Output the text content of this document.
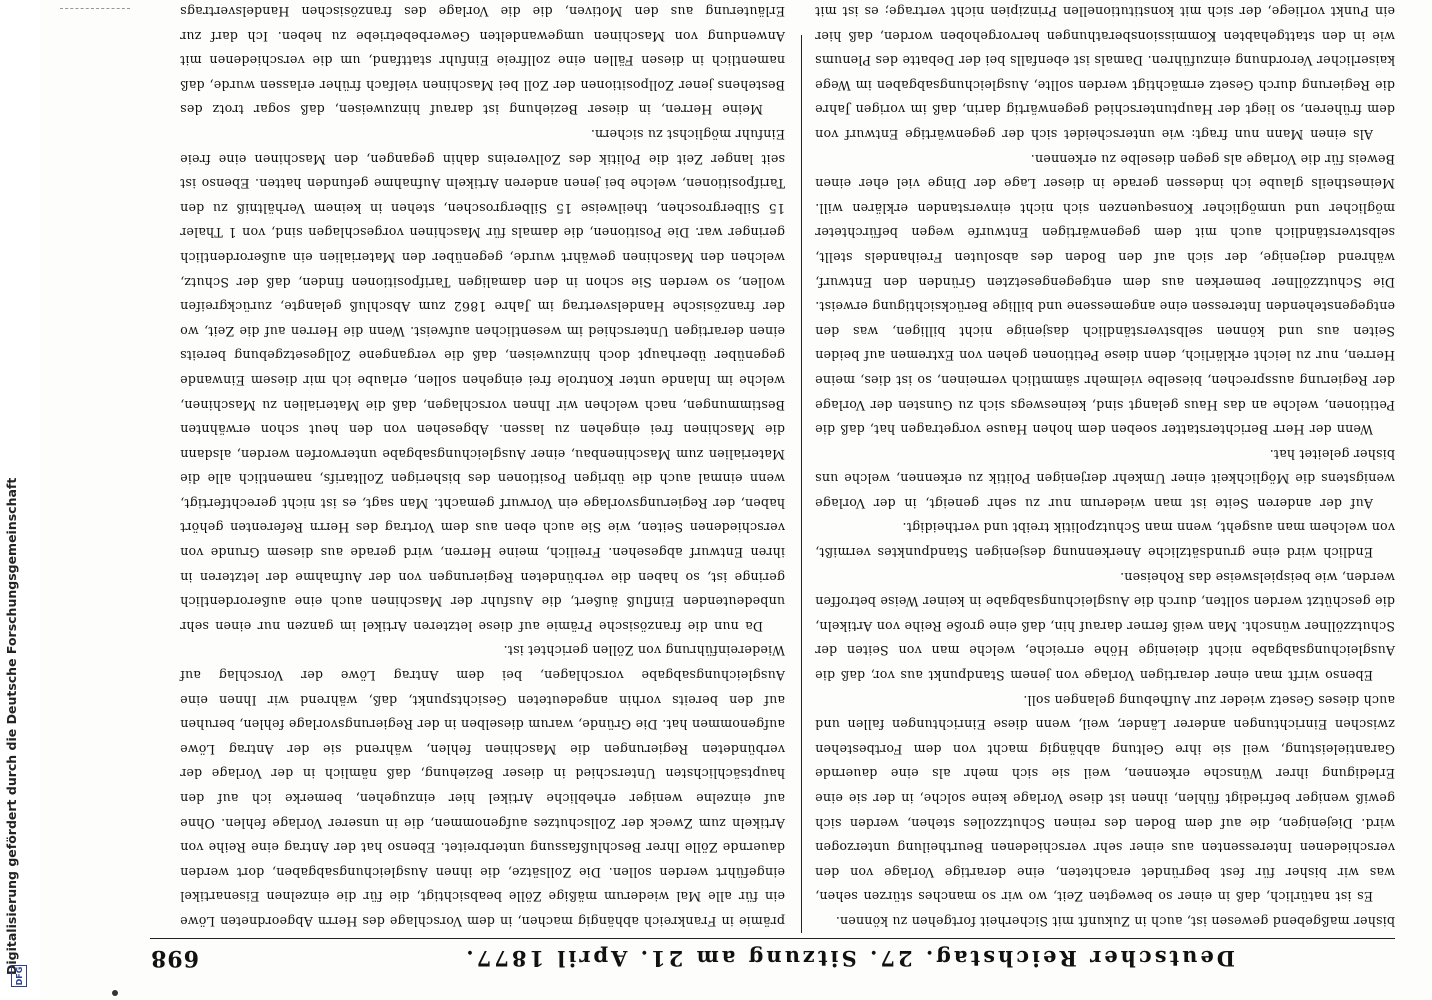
698	Deutscher Reichstag. 27. Sitzung am 21. April 1877.

bisher maßgebend gewesen ist, auch in Zukunft mit Sicherheit fortgehen zu können.

Es ist natürlich, daß in einer so bewegten Zeit, wo wir so manches stürzen sehen, was wir bisher für fest begründet erachteten, eine derartige Vorlage von den verschiedenen Interessenten aus einer sehr verschiedenen Beurtheilung unterzogen wird. Diejenigen, die auf dem Boden des reinen Schutzzolles stehen, werden sich gewiß weniger befriedigt fühlen, ihnen ist diese Vorlage keine solche, in der sie eine Erledigung ihrer Wünsche erkennen, weil sie sich mehr als eine dauernde Garantieleistung, weil sie ihre Geltung abhängig macht von dem Fortbestehen zwischen Einrichtungen anderer Länder, weil, wenn diese Einrichtungen fallen und auch dieses Gesetz wieder zur Aufhebung gelangen soll.

Ebenso wirft man einer derartigen Vorlage von jenem Standpunkt aus vor, daß die Ausgleichungsabgabe nicht dieienige Höhe erreiche, welche man von Seiten der Schutzzöllner wünscht. Man weiß ferner darauf hin, daß eine große Reihe von Artikeln, die geschützt werden sollten, durch die Ausgleichungsabgabe in keiner Weise betroffen werden, wie beispielsweise das Roheisen.

Endlich wird eine grundsätzliche Anerkennung desjenigen Standpunktes vermißt, von welchem man ausgeht, wenn man Schutzpolitik treibt und vertheidigt.

Auf der anderen Seite ist man wiederum nur zu sehr geneigt, in der Vorlage wenigstens die Möglichkeit einer Umkehr derjenigen Politik zu erkennen, welche uns bisher geleitet hat.

Wenn der Herr Berichterstatter soeben dem hohen Hause vorgetragen hat, daß die Petitionen, welche an das Haus gelangt sind, keineswegs sich zu Gunsten der Vorlage der Regierung aussprechen, bieselbe vielmehr sämmtlich verneinen, so ist dies, meine Herren, nur zu leicht erklärlich, denn diese Petitionen gehen von Extremen auf beiden Seiten aus und können selbstverständlich dasjenige nicht billigen, was den entgegenstehenden Interessen eine angemessene und billige Berücksichtigung erweist. Die Schutzzöllner bemerken aus dem entgegengesetzten Gründen den Entwurf, während derjenige, der sich auf den Boden des absoluten Freihandels stellt, selbstverständlich auch mit dem gegenwärtigen Entwurfe wegen befürchteter möglicher und unmöglicher Konsequenzen sich nicht einverstanden erklären will. Meinestheils glaube ich indessen gerade in dieser Lage der Dinge viel eher einen Beweis für die Vorlage als gegen dieselbe zu erkennen.

Als einen Mann nun fragt: wie unterscheidet sich der gegenwärtige Entwurf von dem früheren, so liegt der Hauptunterschied gegenwärtig darin, daß im vorigen Jahre die Regierung durch Gesetz ermächtigt werden sollte, Ausgleichungsabgaben im Wege kaiserlicher Verordnung einzuführen. Damals ist ebenfalls bei der Debatte des Plenums wie in den stattgehabten Kommissionsberathungen hervorgehoben worden, daß hier ein Punkt vorliege, der sich mit konstitutionellen Prinzipien nicht vertrage; es ist mit

prämie in Frankreich abhängig machen, in dem Vorschlage des Herrn Abgeordneten Löwe ein für alle Mal wiederum mäßige Zölle beabsichtigt, die für die einzelnen Eisenartikel eingeführt werden sollen. Die Zollsätze, die ihnen Ausgleichungsabgaben, dort werden dauernde Zölle Ihrer Beschlußfassung unterbreitet. Ebenso hat der Antrag eine Reihe von Artikeln zum Zweck der Zollschutzes aufgenommen, die in unserer Vorlage fehlen. Ohne auf einzelne weniger erhebliche Artikel hier einzugehen, bemerke ich auf den hauptsächlichsten Unterschied in dieser Beziehung, daß nämlich in der Vorlage der verbündeten Regierungen die Maschinen fehlen, während sie der Antrag Löwe aufgenommen hat. Die Gründe, warum dieselben in der Regierungsvorlage fehlen, beruhen auf den bereits vorhin angedeuteten Gesichtspunkt, daß, während wir Ihnen eine Ausgleichungsabgabe vorschlagen, bei dem Antrag Löwe der Vorschlag auf Wiedereinführung von Zöllen gerichtet ist.

Da nun die französische Prämie auf diese letzteren Artikel im ganzen nur einen sehr unbedeutenden Einfluß äußert, die Ausfuhr der Maschinen auch eine außerordentlich geringe ist, so haben die verbündeten Regierungen von der Aufnahme der letzteren in ihren Entwurf abgesehen. Freilich, meine Herren, wird gerade aus diesem Grunde von verschiedenen Seiten, wie Sie auch eben aus dem Vortrag des Herrn Referenten gehört haben, der Regierungsvorlage ein Vorwurf gemacht. Man sagt, es ist nicht gerechtfertigt, wenn einmal auch die übrigen Positionen des bisherigen Zolltarifs, namentlich alle die Materialien zum Maschinenbau, einer Ausgleichungsabgabe unterworfen werden, alsdann die Maschinen frei eingehen zu lassen. Abgesehen von den heut schon erwähnten Bestimmungen, nach welchen wir Ihnen vorschlagen, daß die Materialien zu Maschinen, welche im Inlande unter Kontrole frei eingehen sollen, erlaube ich mir diesem Einwande gegenüber überhaupt doch hinzuweisen, daß die vergangene Zollgesetzgebung bereits einen derartigen Unterschied im wesentlichen aufweist. Wenn die Herren auf die Zeit, wo der französische Handelsvertrag im Jahre 1862 zum Abschluß gelangte, zurückgreifen wollen, so werden Sie schon in den damaligen Tarifpositionen finden, daß der Schutz, welchen den Maschinen gewährt wurde, gegenüber den Materialien ein außerordentlich geringer war. Die Positionen, die damals für Maschinen vorgeschlagen sind, von 1 Thaler 15 Silbergroschen, theilweise 15 Silbergroschen, stehen in keinem Verhältniß zu den Tarifpositionen, welche bei jenen anderen Artikeln Aufnahme gefunden hatten. Ebenso ist seit langer Zeit die Politik des Zollvereins dahin gegangen, den Maschinen eine freie Einfuhr möglichst zu sichern.

Meine Herren, in dieser Beziehung ist darauf hinzuweisen, daß sogar trotz des Bestehens jener Zollpositionen der Zoll bei Maschinen vielfach früher erlassen wurde, daß namentlich in diesen Fällen eine zollfreie Einfuhr stattfand, um die verschiedenen mit Anwendung von Maschinen umgewandelten Gewerbebetriebe zu heben. Ich darf zur Erläuterung aus den Motiven, die die Vorlage des französischen Handelsvertrags

Digitalisierung gefördert durch die Deutsche Forschungsgemeinschaft
DFG
